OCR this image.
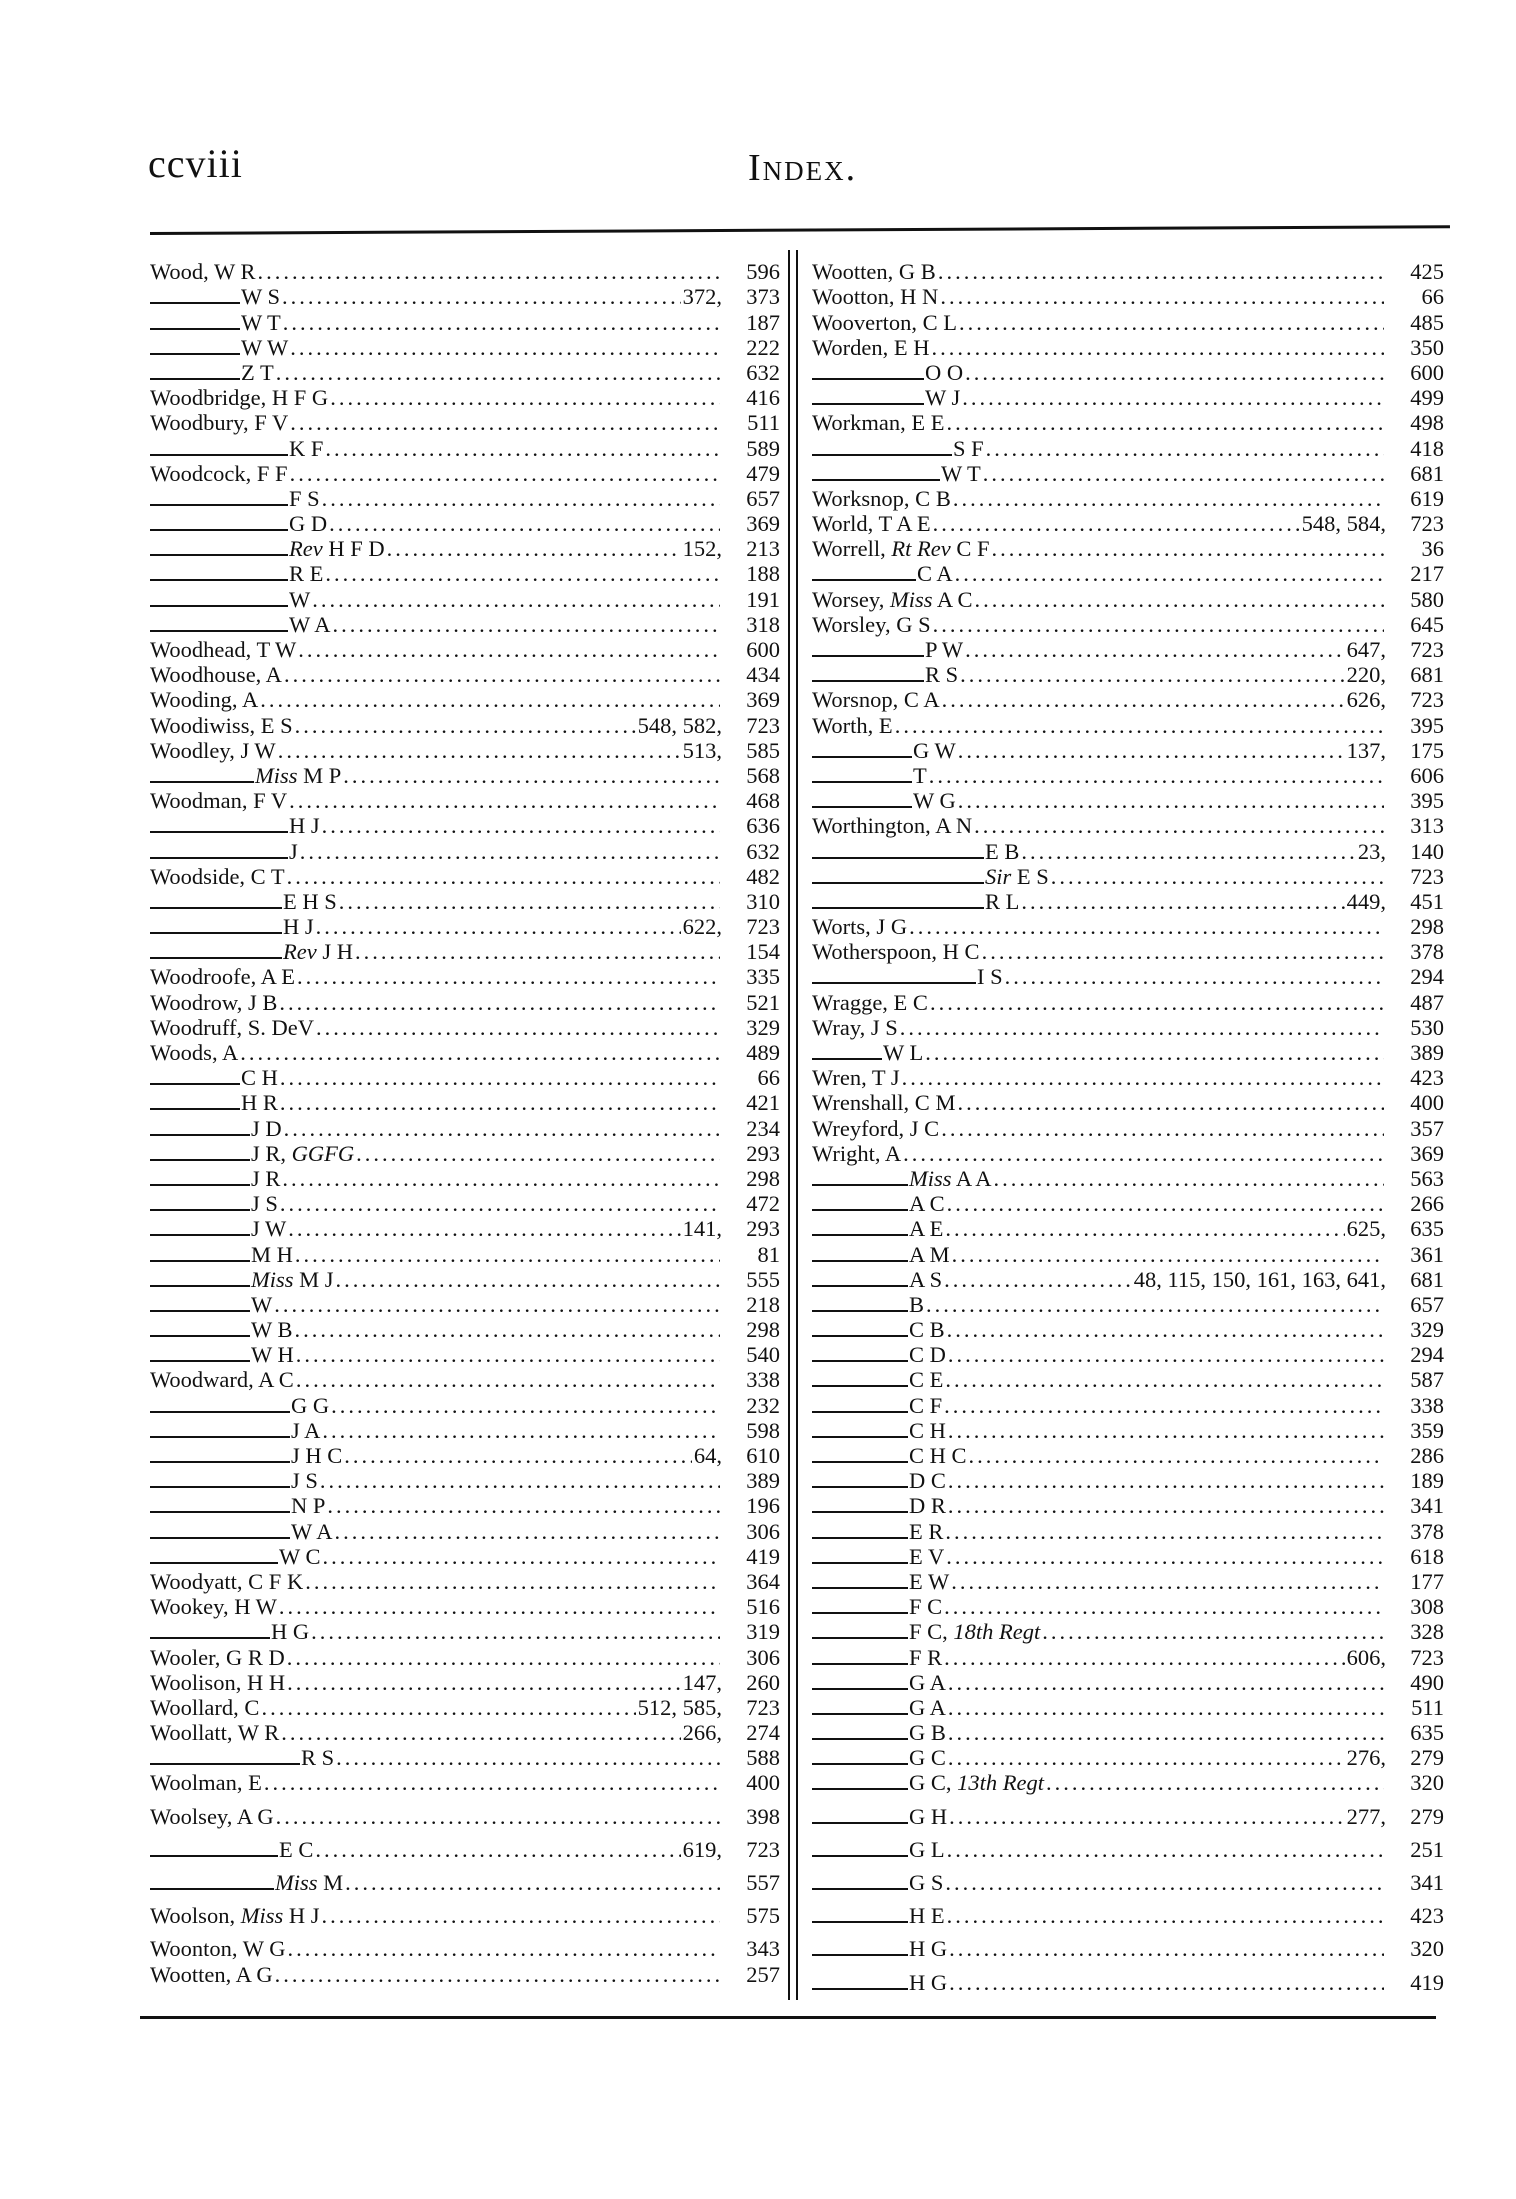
ccviii	Index.
Wood, W R .....	596
W S .....	372,	373
W T .....	187
W W .....	222
Z T .....	632
Woodbridge, H F G .....	416
Woodbury, F V .....	511
K F .....	589
Woodcock, F F .....	479
F S .....	657
G D .....	369
Rev H F D .....	152,	213
R E .....	188
W .....	191
W A .....	318
Woodhead, T W .....	600
Woodhouse, A .....	434
Wooding, A .....	369
Woodiwiss, E S .....	548, 582,	723
Woodley, J W .....	513,	585
Miss M P .....	568
Woodman, F V .....	468
H J .....	636
J .....	632
Woodside, C T .....	482
E H S .....	310
H J .....	622,	723
Rev J H .....	154
Woodroofe, A E .....	335
Woodrow, J B .....	521
Woodruff, S. DeV .....	329
Woods, A .....	489
C H .....	66
H R .....	421
J D .....	234
J R, GGFG .....	293
J R .....	298
J S .....	472
J W .....	141,	293
M H .....	81
Miss M J .....	555
W .....	218
W B .....	298
W H .....	540
Woodward, A C .....	338
G G .....	232
J A .....	598
J H C .....	64,	610
J S .....	389
N P .....	196
W A .....	306
W C .....	419
Woodyatt, C F K .....	364
Wookey, H W .....	516
H G .....	319
Wooler, G R D .....	306
Woolison, H H .....	147,	260
Woollard, C .....	512, 585,	723
Woollatt, W R .....	266,	274
R S .....	588
Woolman, E .....	400
Woolsey, A G .....	398
E C .....	619,	723
Miss M .....	557
Woolson, Miss H J .....	575
Woonton, W G .....	343
Wootten, A G .....	257
Wootten, G B .....	425
Wootton, H N .....	66
Wooverton, C L .....	485
Worden, E H .....	350
O O .....	600
W J .....	499
Workman, E E .....	498
S F .....	418
W T .....	681
Worksnop, C B .....	619
World, T A E .....	548, 584,	723
Worrell, Rt Rev C F .....	36
C A .....	217
Worsey, Miss A C .....	580
Worsley, G S .....	645
P W .....	647,	723
R S .....	220,	681
Worsnop, C A .....	626,	723
Worth, E .....	395
G W .....	137,	175
T .....	606
W G .....	395
Worthington, A N .....	313
E B .....	23,	140
Sir E S .....	723
R L .....	449,	451
Worts, J G .....	298
Wotherspoon, H C .....	378
I S .....	294
Wragge, E C .....	487
Wray, J S .....	530
W L .....	389
Wren, T J .....	423
Wrenshall, C M .....	400
Wreyford, J C .....	357
Wright, A .....	369
Miss A A .....	563
A C .....	266
A E .....	625,	635
A M .....	361
A S .....	48, 115, 150, 161, 163, 641,	681
B .....	657
C B .....	329
C D .....	294
C E .....	587
C F .....	338
C H .....	359
C H C .....	286
D C .....	189
D R .....	341
E R .....	378
E V .....	618
E W .....	177
F C .....	308
F C, 18th Regt .....	328
F R .....	606,	723
G A .....	490
G A .....	511
G B .....	635
G C .....	276,	279
G C, 13th Regt .....	320
G H .....	277,	279
G L .....	251
G S .....	341
H E .....	423
H G .....	320
H G .....	419
